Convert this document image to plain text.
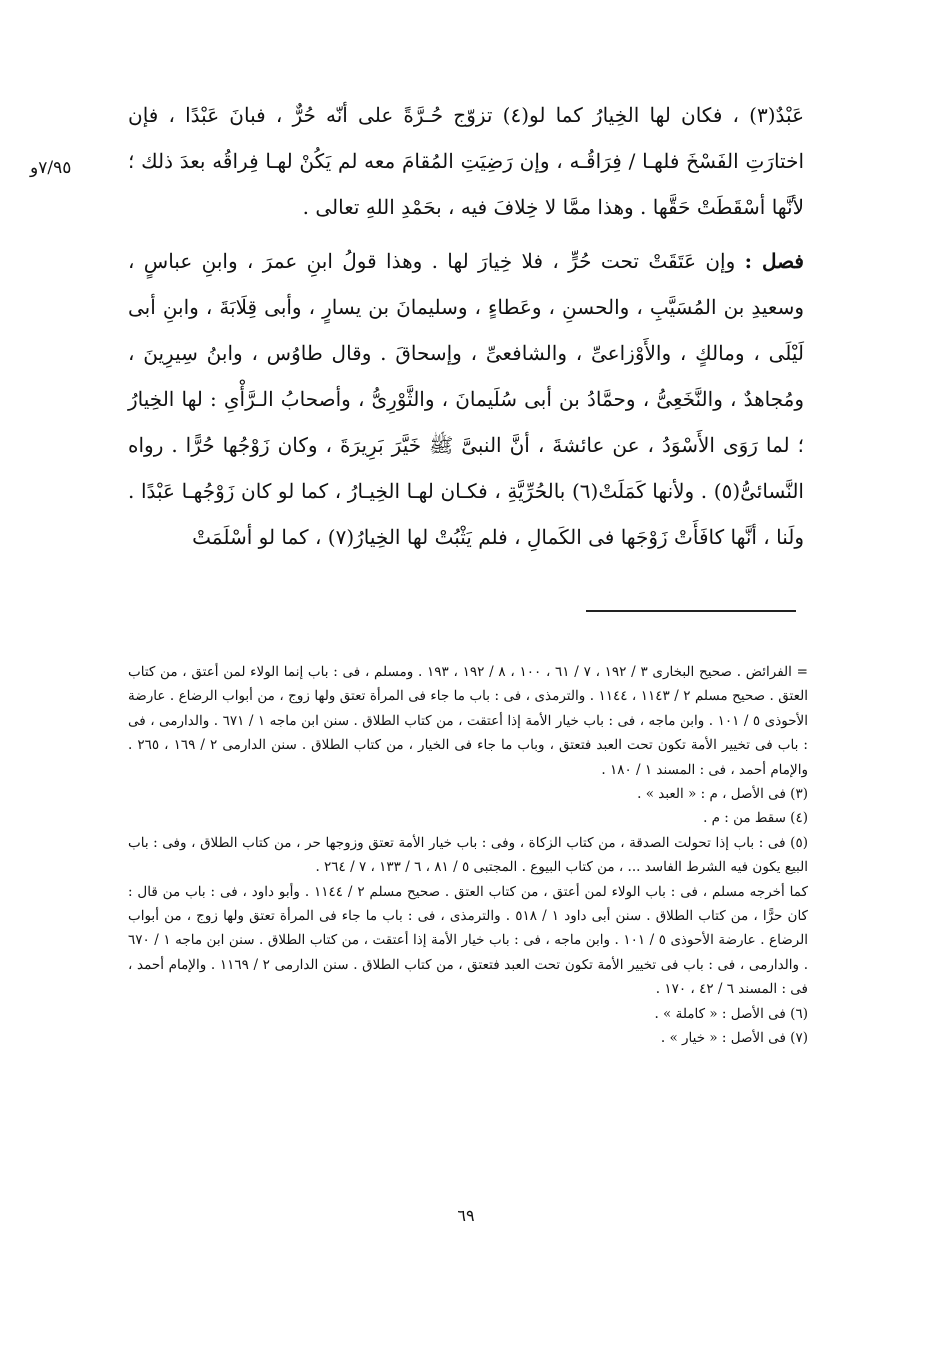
٧/٩٥و

عَبْدٌ(٣) ، فكان لها الخِيارُ كما لو(٤) تزوّج حُـرَّةً على أنّه حُرٌّ ، فبانَ عَبْدًا ، فإن اختارَتِ الفَسْخَ فلهـا / فِرَاقُـه ، وإن رَضِيَتِ المُقامَ معه لم يَكُنْ لهـا فِراقُه بعدَ ذلك ؛ لأنَّها أسْقَطَتْ حَقَّها . وهذا ممَّا لا خِلافَ فيه ، بحَمْدِ اللهِ تعالى .

فصل : وإن عَتَقَتْ تحت حُرٍّ ، فلا خِيارَ لها . وهذا قولُ ابنِ عمرَ ، وابنِ عباسٍ ، وسعيدِ بن المُسَيَّبِ ، والحسنِ ، وعَطاءٍ ، وسليمانَ بن يسارٍ ، وأبى قِلَابَةَ ، وابنِ أبى لَيْلَى ، ومالكٍ ، والأَوْزاعىِّ ، والشافعىِّ ، وإسحاقَ . وقال طاوُس ، وابنُ سِيرِينَ ، ومُجاهدٌ ، والنَّخَعِىُّ ، وحمَّادُ بن أبى سُلَيمانَ ، والثَّوْرِىُّ ، وأصحابُ الـرَّأْىِ : لها الخِيارُ ؛ لما رَوَى الأَسْوَدُ ، عن عائشةَ ، أنَّ النبىَّ ﷺ خَيَّرَ بَرِيرَةَ ، وكان زَوْجُها حُرًّا . رواه النَّسائىُّ(٥) . ولأنها كَمَلَتْ(٦) بالحُرِّيَّةِ ، فكـان لهـا الخِيـارُ ، كما لو كان زَوْجُهـا عَبْدًا . ولَنا ، أنَّها كافَأَتْ زَوْجَها فى الكَمالِ ، فلم يَثْبُتْ لها الخِيارُ(٧) ، كما لو أسْلَمَتْ

= الفرائض . صحيح البخارى ٣ / ١٩٢ ، ٧ / ٦١ ، ١٠٠ ، ٨ / ١٩٢ ، ١٩٣ . ومسلم ، فى : باب إنما الولاء لمن أعتق ، من كتاب العتق . صحيح مسلم ٢ / ١١٤٣ ، ١١٤٤ . والترمذى ، فى : باب ما جاء فى المرأة تعتق ولها زوج ، من أبواب الرضاع . عارضة الأحوذى ٥ / ١٠١ . وابن ماجه ، فى : باب خيار الأمة إذا أعتقت ، من كتاب الطلاق . سنن ابن ماجه ١ / ٦٧١ . والدارمى ، فى : باب فى تخيير الأمة تكون تحت العبد فتعتق ، وباب ما جاء فى الخيار ، من كتاب الطلاق . سنن الدارمى ٢ / ١٦٩ ، ٢٦٥ . والإمام أحمد ، فى : المسند ١ / ١٨٠ .

(٣) فى الأصل ، م : « العبد » .

(٤) سقط من : م .

(٥) فى : باب إذا تحولت الصدقة ، من كتاب الزكاة ، وفى : باب خيار الأمة تعتق وزوجها حر ، من كتاب الطلاق ، وفى : باب البيع يكون فيه الشرط الفاسد ... ، من كتاب البيوع . المجتبى ٥ / ٨١ ، ٦ / ١٣٣ ، ٧ / ٢٦٤ .

كما أخرجه مسلم ، فى : باب الولاء لمن أعتق ، من كتاب العتق . صحيح مسلم ٢ / ١١٤٤ . وأبو داود ، فى : باب من قال : كان حرًّا ، من كتاب الطلاق . سنن أبى داود ١ / ٥١٨ . والترمذى ، فى : باب ما جاء فى المرأة تعتق ولها زوج ، من أبواب الرضاع . عارضة الأحوذى ٥ / ١٠١ . وابن ماجه ، فى : باب خيار الأمة إذا أعتقت ، من كتاب الطلاق . سنن ابن ماجه ١ / ٦٧٠ . والدارمى ، فى : باب فى تخيير الأمة تكون تحت العبد فتعتق ، من كتاب الطلاق . سنن الدارمى ٢ / ١١٦٩ . والإمام أحمد ، فى : المسند ٦ / ٤٢ ، ١٧٠ .

(٦) فى الأصل : « كاملة » .

(٧) فى الأصل : « خيار » .

٦٩
